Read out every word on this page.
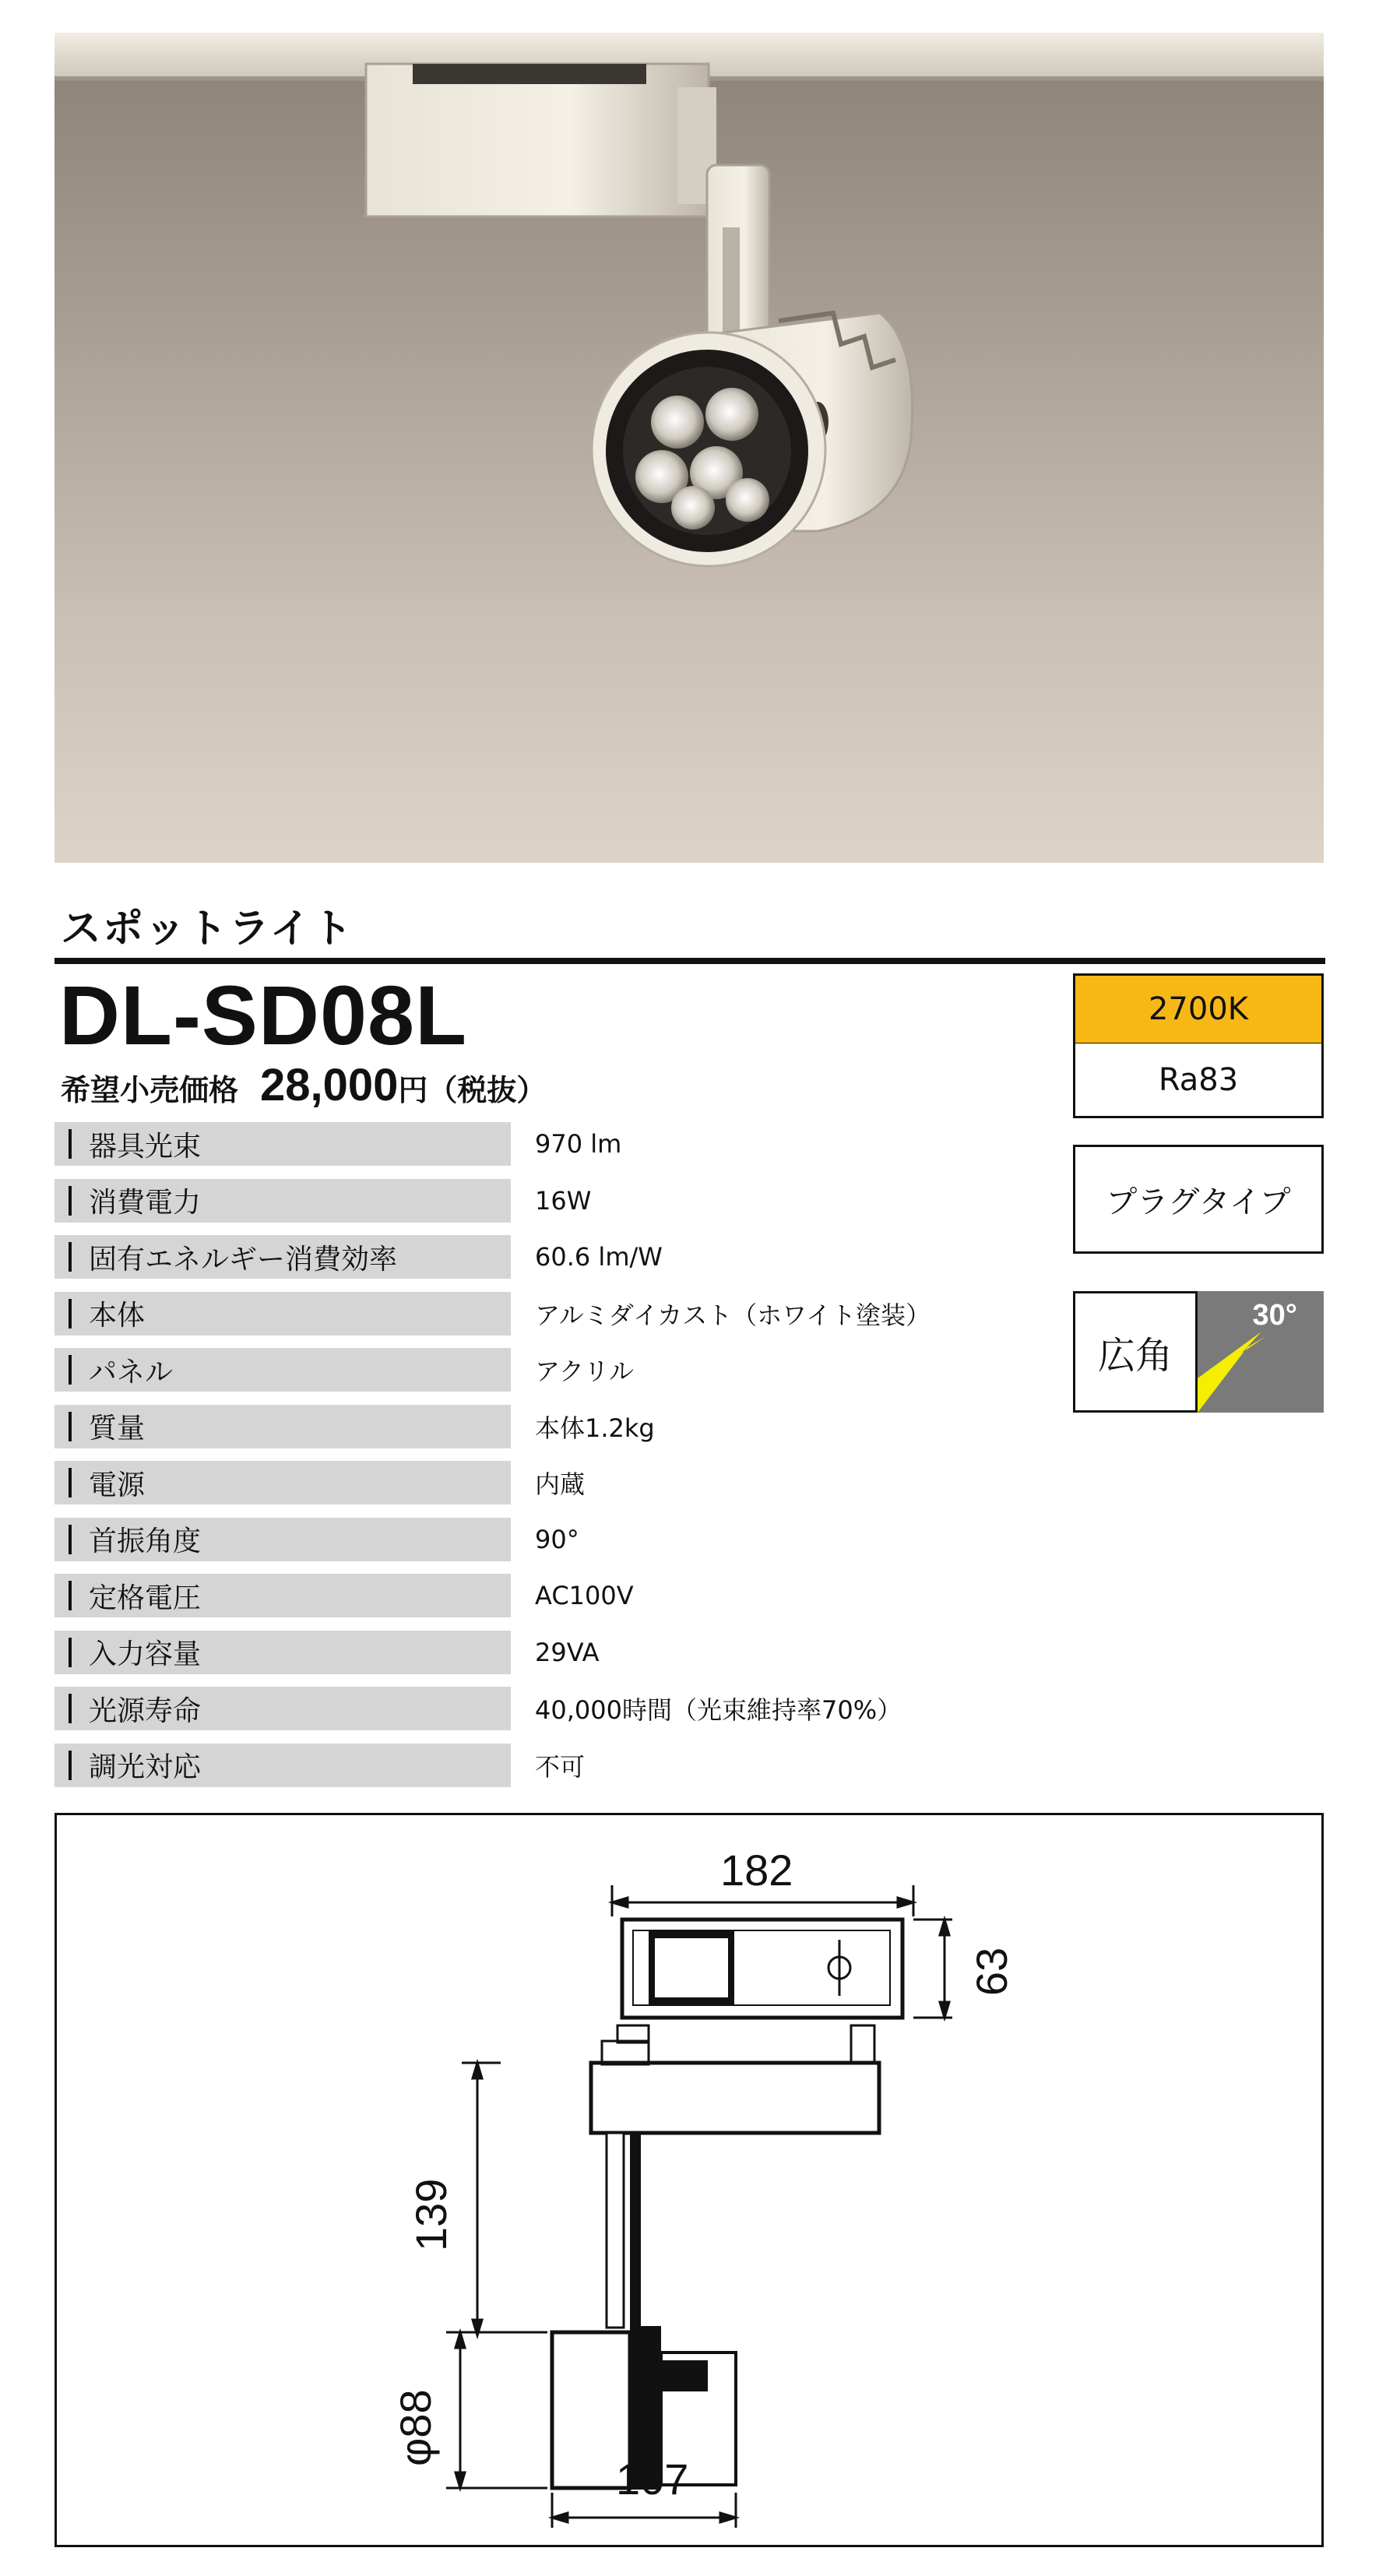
スポットライト
DL-SD08L
希望小売価格 28,000円（税抜）
2700K
Ra83
プラグタイプ
広角
30°
器具光束	970 lm
消費電力	16W
固有エネルギー消費効率	60.6 lm/W
本体	アルミダイカスト（ホワイト塗装）
パネル	アクリル
質量	本体1.2kg
電源	内蔵
首振角度	90°
定格電圧	AC100V
入力容量	29VA
光源寿命	40,000時間（光束維持率70%）
調光対応	不可
182
63
139
φ88
107
